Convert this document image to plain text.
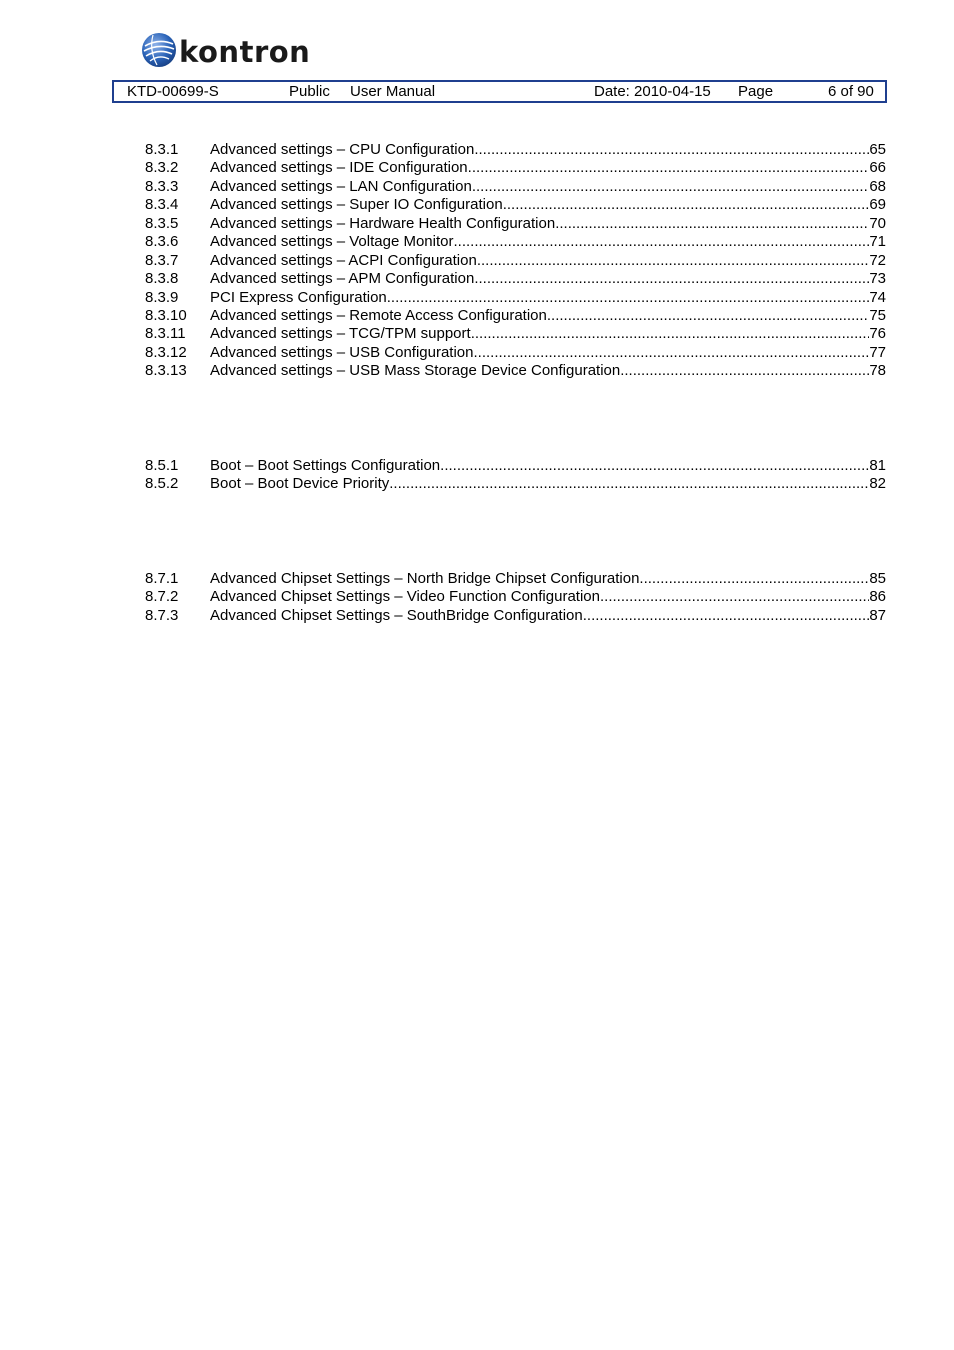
kontron
KTD-00699-S	Public User Manual	Date: 2010-04-15 Page	6 of 90
8.3.1 Advanced settings – CPU Configuration .....	65
8.3.2 Advanced settings – IDE Configuration .....	66
8.3.3 Advanced settings – LAN Configuration .....	68
8.3.4 Advanced settings – Super IO Configuration .....	69
8.3.5 Advanced settings – Hardware Health Configuration .....	70
8.3.6 Advanced settings – Voltage Monitor .....	71
8.3.7 Advanced settings – ACPI Configuration .....	72
8.3.8 Advanced settings – APM Configuration .....	73
8.3.9 PCI Express Configuration .....	74
8.3.10 Advanced settings – Remote Access Configuration .....	75
8.3.11 Advanced settings – TCG/TPM support .....	76
8.3.12 Advanced settings – USB Configuration .....	77
8.3.13 Advanced settings – USB Mass Storage Device Configuration .....	78
8.5.1 Boot – Boot Settings Configuration .....	81
8.5.2 Boot – Boot Device Priority .....	82
8.7.1 Advanced Chipset Settings – North Bridge Chipset Configuration .....	85
8.7.2 Advanced Chipset Settings – Video Function Configuration .....	86
8.7.3 Advanced Chipset Settings – SouthBridge Configuration .....	87
